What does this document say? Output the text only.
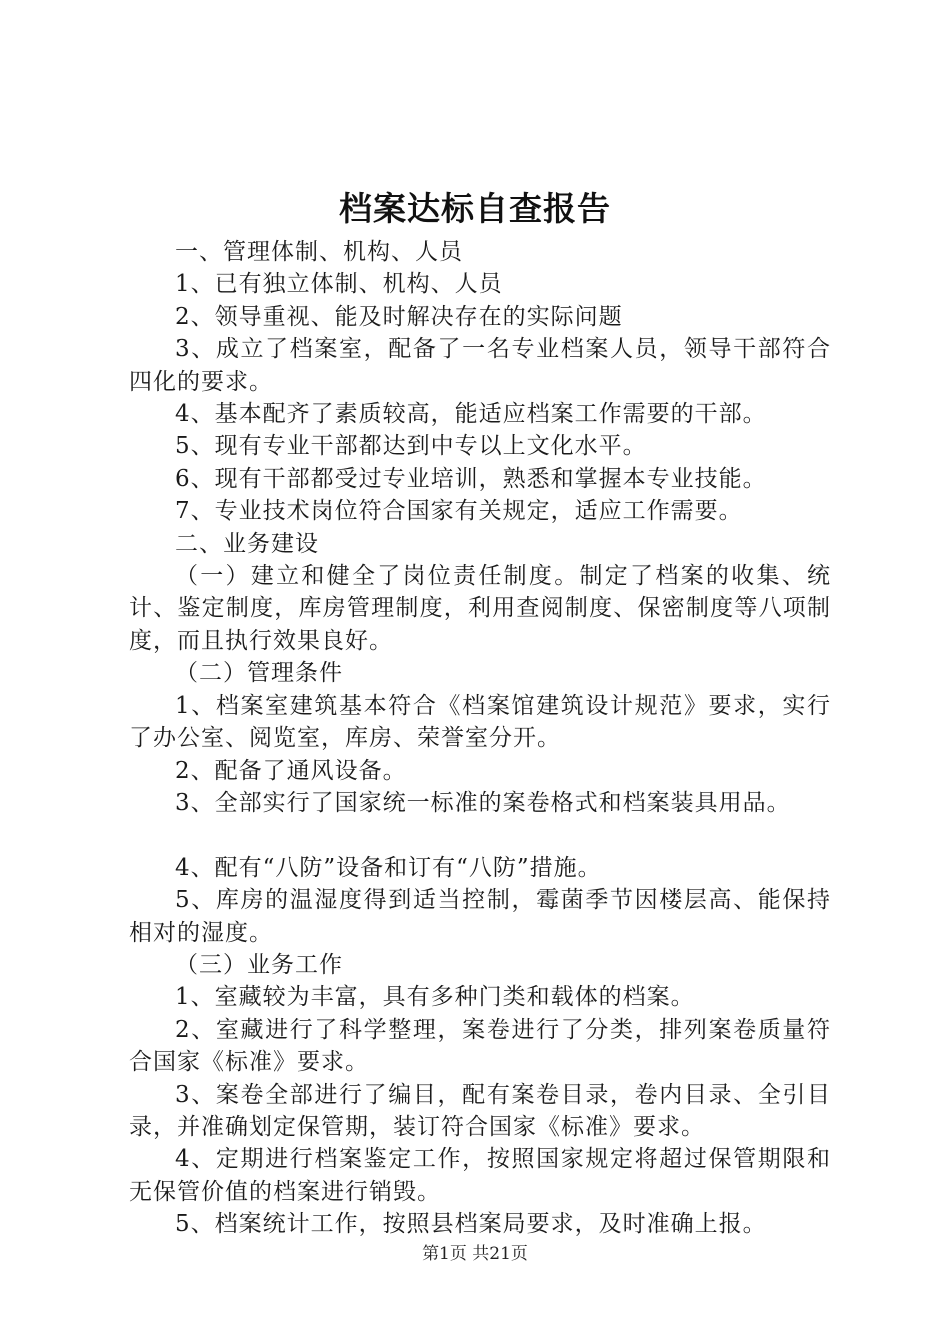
档案达标自查报告

一、管理体制、机构、人员

1、已有独立体制、机构、人员

2、领导重视、能及时解决存在的实际问题

3、成立了档案室，配备了一名专业档案人员，领导干部符合四化的要求。

4、基本配齐了素质较高，能适应档案工作需要的干部。

5、现有专业干部都达到中专以上文化水平。

6、现有干部都受过专业培训，熟悉和掌握本专业技能。

7、专业技术岗位符合国家有关规定，适应工作需要。

二、业务建设

（一）建立和健全了岗位责任制度。制定了档案的收集、统计、鉴定制度，库房管理制度，利用查阅制度、保密制度等八项制度，而且执行效果良好。

（二）管理条件

1、档案室建筑基本符合《档案馆建筑设计规范》要求，实行了办公室、阅览室，库房、荣誉室分开。

2、配备了通风设备。

3、全部实行了国家统一标准的案卷格式和档案装具用品。

4、配有“八防”设备和订有“八防”措施。

5、库房的温湿度得到适当控制，霉菌季节因楼层高、能保持相对的湿度。

（三）业务工作

1、室藏较为丰富，具有多种门类和载体的档案。

2、室藏进行了科学整理，案卷进行了分类，排列案卷质量符合国家《标准》要求。

3、案卷全部进行了编目，配有案卷目录，卷内目录、全引目录，并准确划定保管期，装订符合国家《标准》要求。

4、定期进行档案鉴定工作，按照国家规定将超过保管期限和无保管价值的档案进行销毁。

5、档案统计工作，按照县档案局要求，及时准确上报。

第1页 共21页
